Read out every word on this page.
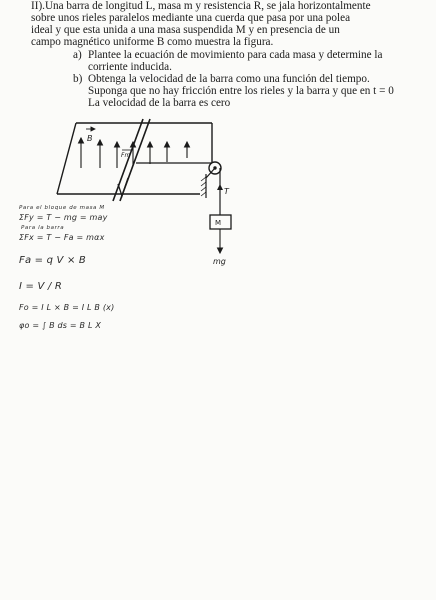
II).Una barra de longitud L, masa m y resistencia R, se jala horizontalmente
sobre unos rieles paralelos mediante una cuerda que pasa por una polea
ideal y que esta unida a una masa suspendida M y en presencia de un
campo magnético uniforme B como muestra la figura.
a) Plantee la ecuación de movimiento para cada masa y determine la
corriente inducida.
b) Obtenga la velocidad de la barra como una función del tiempo.
Suponga que no hay fricción entre los rieles y la barra y que en t = 0
La velocidad de la barra es cero
B
Fm
T
M
mg
Para el bloque de masa M
ΣFy = T − mg = may
Para la barra
ΣFx = T − Fa = mαx
Fa = q V × B
I = V / R
Fo = I L × B = I L B (x)
φo = ∫ B ds = B L X
